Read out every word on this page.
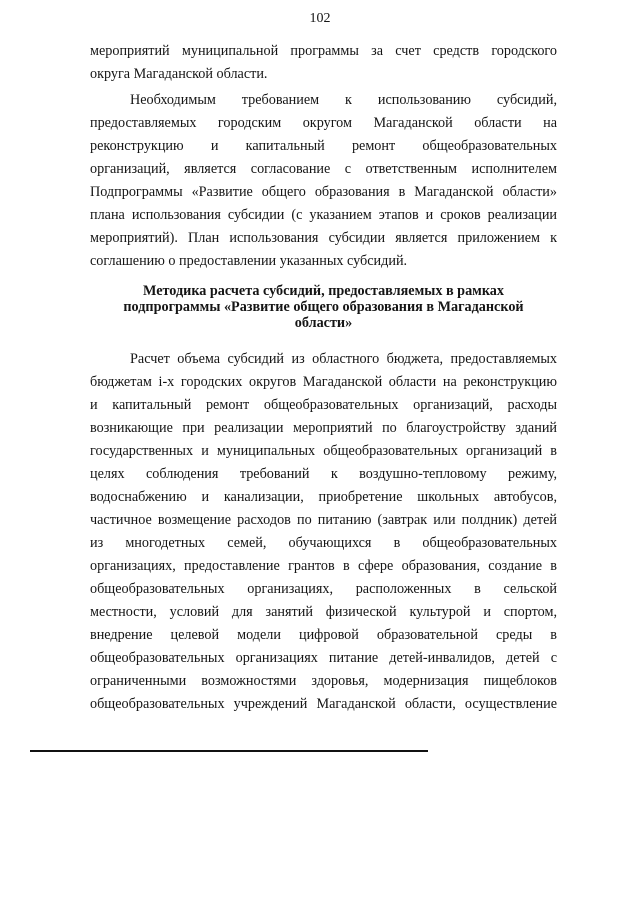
102
мероприятий муниципальной программы за счет средств городского
округа Магаданской области.
Необходимым требованием к использованию субсидий,
предоставляемых городским округом Магаданской области на
реконструкцию и капитальный ремонт общеобразовательных
организаций, является согласование с ответственным исполнителем
Подпрограммы «Развитие общего образования в Магаданской области»
плана использования субсидии (с указанием этапов и сроков реализации
мероприятий). План использования субсидии является приложением к
соглашению о предоставлении указанных субсидий.
Методика расчета субсидий, предоставляемых в рамках
подпрограммы «Развитие общего образования в Магаданской
области»
Расчет объема субсидий из областного бюджета, предоставляемых
бюджетам i-х городских округов Магаданской области на реконструкцию
и капитальный ремонт общеобразовательных организаций, расходы
возникающие при реализации мероприятий по благоустройству зданий
государственных и муниципальных общеобразовательных организаций в
целях соблюдения требований к воздушно-тепловому режиму,
водоснабжению и канализации, приобретение школьных автобусов,
частичное возмещение расходов по питанию (завтрак или полдник) детей
из многодетных семей, обучающихся в общеобразовательных
организациях, предоставление грантов в сфере образования, создание в
общеобразовательных организациях, расположенных в сельской
местности, условий для занятий физической культурой и спортом,
внедрение целевой модели цифровой образовательной среды в
общеобразовательных организациях питание детей-инвалидов, детей с
ограниченными возможностями здоровья, модернизация пищеблоков
общеобразовательных учреждений Магаданской области, осуществление
